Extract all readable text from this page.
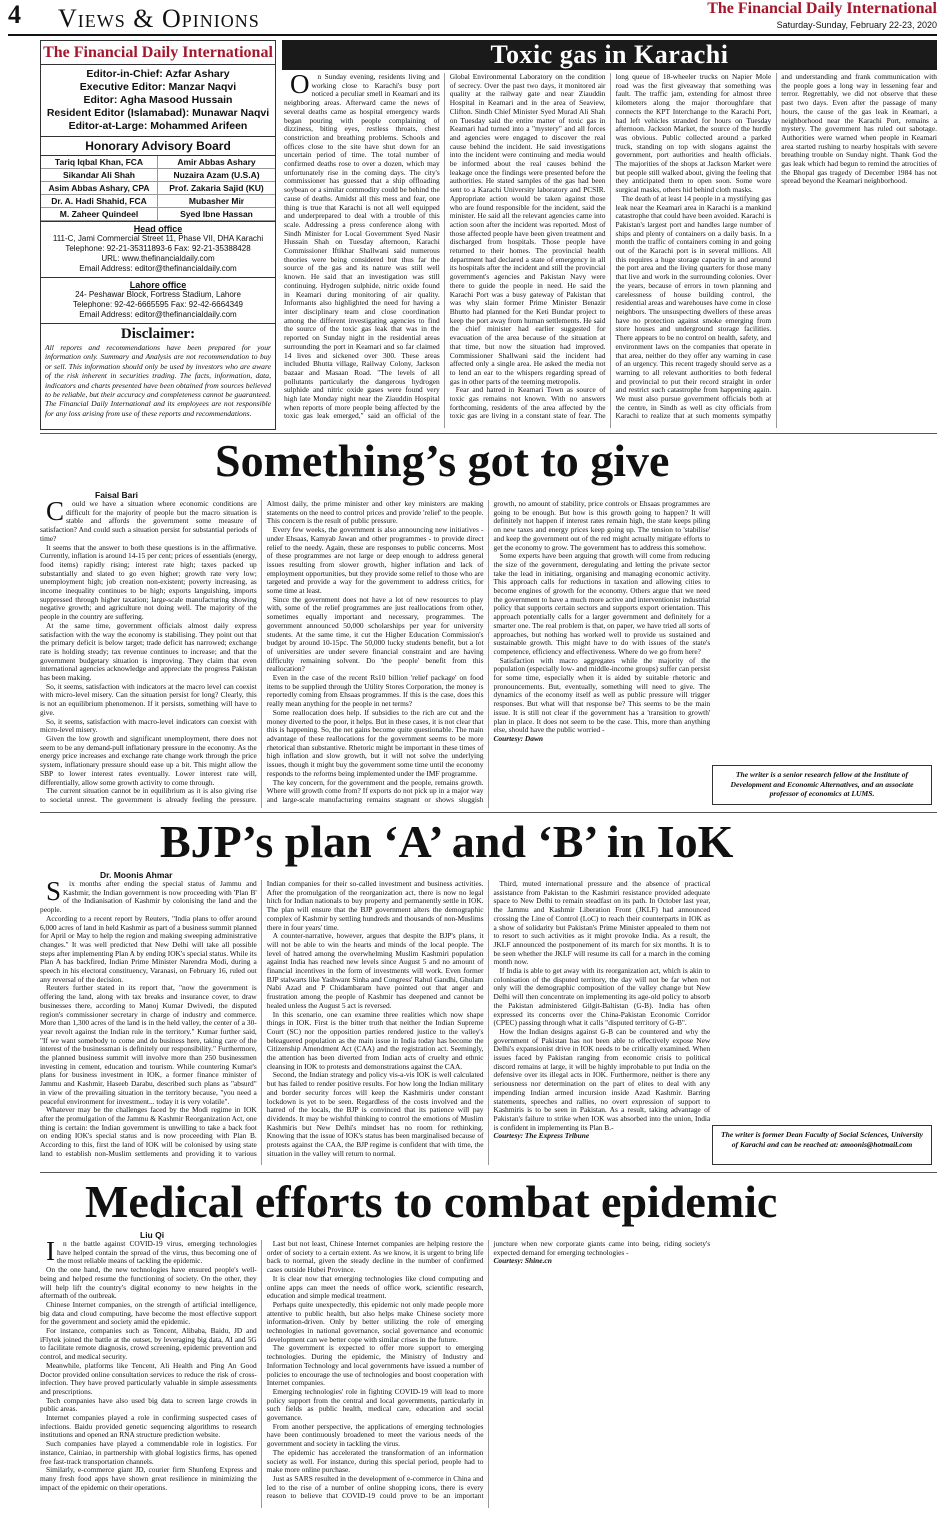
4 Views & Opinions	The Financial Daily International
Saturday-Sunday, February 22-23, 2020
The Financial Daily International
Editor-in-Chief: Azfar Ashary
Executive Editor: Manzar Naqvi
Editor: Agha Masood Hussain
Resident Editor (Islamabad): Munawar Naqvi
Editor-at-Large: Mohammed Arifeen
Honorary Advisory Board
Tariq Iqbal Khan, FCA	Amir Abbas Ashary
Sikandar Ali Shah	Nuzaira Azam (U.S.A)
Asim Abbas Ashary, CPA	Prof. Zakaria Sajid (KU)
Dr. A. Hadi Shahid, FCA	Mubasher Mir
M. Zaheer Quindeel	Syed Ibne Hassan
Head office
111-C, Jami Commercial Street 11, Phase VII, DHA Karachi
Telephone: 92-21-35311893-6 Fax: 92-21-35388428
URL: www.thefinancialdaily.com
Email Address: editor@thefinancialdaily.com
Lahore office
24- Peshawar Block, Fortress Stadium, Lahore
Telephone: 92-42-6665595 Fax: 92-42-6664349
Email Address: editor@thefinancialdaily.com
Disclaimer:
All reports and recommendations have been prepared for your information only. Summary and Analysis are not recommendation to buy or sell. This information should only be used by investors who are aware of the risk inherent in securities trading. The facts, information, data, indicators and charts presented have been obtained from sources believed to be reliable, but their accuracy and completeness cannot be guaranteed. The Financial Daily International and its employees are not responsible for any loss arising from use of these reports and recommendations.
Toxic gas in Karachi

On Sunday evening, residents living and working close to Karachi's busy port noticed a peculiar smell in Keamari and its neighboring areas. Afterward came the news of several deaths came as hospital emergency wards began pouring with people complaining of dizziness, biting eyes, restless throats, chest constriction and breathing problems. Schools and offices close to the site have shut down for an uncertain period of time. The total number of confirmed deaths rose to over a dozen, which may unfortunately rise in the coming days. The city's commissioner has guessed that a ship offloading soybean or a similar commodity could be behind the cause of deaths. Amidst all this mess and fear, one thing is true that Karachi is not all well equipped and underprepared to deal with a trouble of this scale. Addressing a press conference along with Sindh Minister for Local Government Syed Nasir Hussain Shah on Tuesday afternoon, Karachi Commissioner Iftikhar Shallwani said numerous theories were being considered but thus far the source of the gas and its nature was still well known. He said that an investigation was still continuing. Hydrogen sulphide, nitric oxide found in Keamari during monitoring of air quality. Informants also highlighted the need for having a inter disciplinary team and close coordination among the different investigating agencies to find the source of the toxic gas leak that was in the reported on Sunday night in the residential areas surrounding the port in Keamari and so far claimed 14 lives and sickened over 300. These areas included Bhutta village, Railway Colony, Jackson bazaar and Masaan Road. "The levels of all pollutants particularly the dangerous hydrogen sulphide and nitric oxide gases were found very high late Monday night near the Ziauddin Hospital when reports of more people being affected by the toxic gas leak emerged," said an official of the Global Environmental Laboratory on the condition of secrecy. Over the past two days, it monitored air quality at the railway gate and near Ziauddin Hospital in Keamari and in the area of Seaview, Clifton. Sindh Chief Minister Syed Murad Ali Shah on Tuesday said the entire matter of toxic gas in Keamari had turned into a "mystery" and all forces and agencies were engaged to discover the real cause behind the incident. He said investigations into the incident were continuing and media would be informed about the real causes behind the leakage once the findings were presented before the authorities. He stated samples of the gas had been sent to a Karachi University laboratory and PCSIR. Appropriate action would be taken against those who are found responsible for the incident, said the minister. He said all the relevant agencies came into action soon after the incident was reported. Most of those affected people have been given treatment and discharged from hospitals. Those people have returned to their homes. The provincial health department had declared a state of emergency in all its hospitals after the incident and still the provincial government's agencies and Pakistan Navy were there to guide the people in need. He said the Karachi Port was a busy gateway of Pakistan that was why slain former Prime Minister Benazir Bhutto had planned for the Keti Bundar project to keep the port away from human settlements. He said the chief minister had earlier suggested for evacuation of the area because of the situation at that time, but now the situation had improved. Commissioner Shallwani said the incident had affected only a single area. He asked the media not to lend an ear to the whispers regarding spread of gas in other parts of the teeming metropolis.

Fear and hatred in Keamari Town as source of toxic gas remains not known. With no answers forthcoming, residents of the area affected by the toxic gas are living in a constant state of fear. The long queue of 18-wheeler trucks on Napier Mole road was the first giveaway that something was fault. The traffic jam, extending for almost three kilometers along the major thoroughfare that connects the KPT Interchange to the Karachi Port, had left vehicles stranded for hours on Tuesday afternoon. Jackson Market, the source of the hurdle was obvious. Public collected around a parked truck, standing on top with slogans against the government, port authorities and health officials. The majorities of the shops at Jackson Market were but people still walked about, giving the feeling that they anticipated them to open soon. Some wore surgical masks, others hid behind cloth masks.

The death of at least 14 people in a mystifying gas leak near the Keamari area in Karachi is a mankind catastrophe that could have been avoided. Karachi is Pakistan's largest port and handles large number of ships and plenty of containers on a daily basis. In a month the traffic of containers coming in and going out of the Karachi port is in several millions. All this requires a huge storage capacity in and around the port area and the living quarters for those many that live and work in the surrounding colonies. Over the years, because of errors in town planning and carelessness of house building control, the residential areas and warehouses have come in close neighbors. The unsuspecting dwellers of these areas have no protection against smoke emerging from store houses and underground storage facilities. There appears to be no control on health, safety, and environment laws on the companies that operate in that area, neither do they offer any warning in case of an urgency. This recent tragedy should serve as a warning to all relevant authorities to both federal and provincial to put their record straight in order and restrict such catastrophe from happening again. We must also pursue government officials both at the centre, in Sindh as well as city officials from Karachi to realize that at such moments sympathy and understanding and frank communication with the people goes a long way in lessening fear and terror. Regrettably, we did not observe that these past two days. Even after the passage of many hours, the cause of the gas leak in Keamari, a neighborhood near the Karachi Port, remains a mystery. The government has ruled out sabotage. Authorities were warned when people in Keamari area started rushing to nearby hospitals with severe breathing trouble on Sunday night. Thank God the gas leak which had begun to remind the atrocities of the Bhopal gas tragedy of December 1984 has not spread beyond the Keamari neighborhood.

Something’s got to give
Faisal Bari

Could we have a situation where economic conditions are difficult for the majority of people but the macro situation is stable and affords the government some measure of satisfaction? And could such a situation persist for substantial periods of time?

It seems that the answer to both these questions is in the affirmative. Currently, inflation is around 14-15 per cent; prices of essentials (energy, food items) rapidly rising; interest rate high; taxes packed up substantially and slated to go even higher; growth rate very low; unemployment high; job creation non-existent; poverty increasing, as income inequality continues to be high; exports languishing, imports suppressed through higher taxation; large-scale manufacturing showing negative growth; and agriculture not doing well. The majority of the people in the country are suffering.

At the same time, government officials almost daily express satisfaction with the way the economy is stabilising. They point out that the primary deficit is below target; trade deficit has narrowed; exchange rate is holding steady; tax revenue continues to increase; and that the government budgetary situation is improving. They claim that even international agencies acknowledge and appreciate the progress Pakistan has been making.

So, it seems, satisfaction with indicators at the macro level can coexist with micro-level misery. Can the situation persist for long? Clearly, this is not an equilibrium phenomenon. If it persists, something will have to give.

So, it seems, satisfaction with macro-level indicators can coexist with micro-level misery.

Given the low growth and significant unemployment, there does not seem to be any demand-pull inflationary pressure in the economy. As the energy price increases and exchange rate change work through the price system, inflationary pressure should ease up a bit. This might allow the SBP to lower interest rates eventually. Lower interest rate will, differentially, allow some growth activity to come through.

The current situation cannot be in equilibrium as it is also giving rise to societal unrest. The government is already feeling the pressure. Almost daily, the prime minister and other key ministers are making statements on the need to control prices and provide 'relief' to the people. This concern is the result of public pressure.

Every few weeks, the government is also announcing new initiatives - under Ehsaas, Kamyab Jawan and other programmes - to provide direct relief to the needy. Again, these are responses to public concerns. Most of these programmes are not large or deep enough to address general issues resulting from slower growth, higher inflation and lack of employment opportunities, but they provide some relief to those who are targeted and provide a way for the government to address critics, for some time at least.

Since the government does not have a lot of new resources to play with, some of the relief programmes are just reallocations from other, sometimes equally important and necessary, programmes. The government announced 50,000 scholarships per year for university students. At the same time, it cut the Higher Education Commission's budget by around 10-15pc. The 50,000 lucky students benefit, but a lot of universities are under severe financial constraint and are having difficulty remaining solvent. Do 'the people' benefit from this reallocation?

Even in the case of the recent Rs10 billion 'relief package' on food items to be supplied through the Utility Stores Corporation, the money is reportedly coming from Ehsaas programmes. If this is the case, does this really mean anything for the people in net terms?

Some reallocation does help. If subsidies to the rich are cut and the money diverted to the poor, it helps. But in these cases, it is not clear that this is happening. So, the net gains become quite questionable. The main advantage of these reallocations for the government seems to be more rhetorical than substantive. Rhetoric might be important in these times of high inflation and slow growth, but it will not solve the underlying issues, though it might buy the government some time until the economy responds to the reforms being implemented under the IMF programme.

The key concern, for the government and the people, remains growth. Where will growth come from? If exports do not pick up in a major way and large-scale manufacturing remains stagnant or shows sluggish growth, no amount of stability, price controls or Ehsaas programmes are going to be enough. But how is this growth going to happen? It will definitely not happen if interest rates remain high, the state keeps piling on new taxes and energy prices keep going up. The tension to 'stabilise' and keep the government out of the red might actually mitigate efforts to get the economy to grow. The government has to address this somehow.

Some experts have been arguing that growth will come from reducing the size of the government, deregulating and letting the private sector take the lead in initiating, organising and managing economic activity. This approach calls for reductions in taxation and allowing cities to become engines of growth for the economy. Others argue that we need the government to have a much more active and interventionist industrial policy that supports certain sectors and supports export orientation. This approach potentially calls for a larger government and definitely for a smarter one. The real problem is that, on paper, we have tried all sorts of approaches, but nothing has worked well to provide us sustained and sustainable growth. This might have to do with issues of the state's competence, efficiency and effectiveness. Where do we go from here?

Satisfaction with macro aggregates while the majority of the population (especially low- and middle-income groups) suffer can persist for some time, especially when it is aided by suitable rhetoric and pronouncements. But, eventually, something will need to give. The dynamics of the economy itself as well as public pressure will trigger responses. But what will that response be? This seems to be the main issue. It is still not clear if the government has a 'transition to growth' plan in place. It does not seem to be the case. This, more than anything else, should have the public worried -

Courtesy: Dawn

The writer is a senior research fellow at the Institute of Development and Economic Alternatives, and an associate professor of economics at LUMS.
BJP’s plan ‘A’ and ‘B’ in IoK
Dr. Moonis Ahmar

Six months after ending the special status of Jammu and Kashmir, the Indian government is now proceeding with 'Plan B' of the Indianisation of Kashmir by colonising the land and the people.

According to a recent report by Reuters, "India plans to offer around 6,000 acres of land in held Kashmir as part of a business summit planned for April or May to help the region and making sweeping administrative changes." It was well predicted that New Delhi will take all possible steps after implementing Plan A by ending IOK's special status. While its Plan A has backfired, Indian Prime Minister Narendra Modi, during a speech in his electoral constituency, Varanasi, on February 16, ruled out any reversal of the decision.

Reuters further stated in its report that, "now the government is offering the land, along with tax breaks and insurance cover, to draw businesses there, according to Manoj Kumar Dwivedi, the disputed region's commissioner secretary in charge of industry and commerce. More than 1,300 acres of the land is in the held valley, the center of a 30-year revolt against the Indian rule in the territory." Kumar further said, "If we want somebody to come and do business here, taking care of the interest of the businessman is definitely our responsibility." Furthermore, the planned business summit will involve more than 250 businessmen investing in cement, education and tourism. While countering Kumar's plans for business investment in IOK, a former finance minister of Jammu and Kashmir, Haseeb Darabu, described such plans as "absurd" in view of the prevailing situation in the territory because, "you need a peaceful environment for investment... today it is very volatile".

Whatever may be the challenges faced by the Modi regime in IOK after the promulgation of the Jammu & Kashmir Reorganization Act, one thing is certain: the Indian government is unwilling to take a back foot on ending IOK's special status and is now proceeding with Plan B. According to this, first the land of IOK will be colonised by using state land to establish non-Muslim settlements and providing it to various Indian companies for their so-called investment and business activities. After the promulgation of the reorganization act, there is now no legal hitch for Indian nationals to buy property and permanently settle in IOK. The plan will ensure that the BJP government alters the demographic complex of Kashmir by settling hundreds and thousands of non-Muslims there in four years' time.

A counter-narrative, however, argues that despite the BJP's plans, it will not be able to win the hearts and minds of the local people. The level of hatred among the overwhelming Muslim Kashmiri population against India has reached new levels since August 5 and no amount of financial incentives in the form of investments will work. Even former BJP stalwarts like Yashwant Sinha and Congress' Rahul Gandhi, Ghulam Nabi Azad and P Chidambaram have pointed out that anger and frustration among the people of Kashmir has deepened and cannot be healed unless the August 5 act is reversed.

In this scenario, one can examine three realities which now shape things in IOK. First is the bitter truth that neither the Indian Supreme Court (SC) nor the opposition parties rendered justice to the valley's beleaguered population as the main issue in India today has become the Citizenship Amendment Act (CAA) and the registration act. Seemingly, the attention has been diverted from Indian acts of cruelty and ethnic cleansing in IOK to protests and demonstrations against the CAA.

Second, the Indian strategy and policy vis-a-vis IOK is well calculated but has failed to render positive results. For how long the Indian military and border security forces will keep the Kashmiris under constant lockdown is yet to be seen. Regardless of the costs involved and the hatred of the locals, the BJP is convinced that its patience will pay dividends. It may be wishful thinking to control the emotions of Muslim Kashmiris but New Delhi's mindset has no room for rethinking. Knowing that the issue of IOK's status has been marginalised because of protests against the CAA, the BJP regime is confident that with time, the situation in the valley will return to normal.

Third, muted international pressure and the absence of practical assistance from Pakistan to the Kashmiri resistance provided adequate space to New Delhi to remain steadfast on its path. In October last year, the Jammu and Kashmir Liberation Front (JKLF) had announced crossing the Line of Control (LoC) to reach their counterparts in IOK as a show of solidarity but Pakistan's Prime Minister appealed to them not to resort to such activities as it might provoke India. As a result, the JKLF announced the postponement of its march for six months. It is to be seen whether the JKLF will resume its call for a march in the coming month now.

If India is able to get away with its reorganization act, which is akin to colonisation of the disputed territory, the day will not be far when not only will the demographic composition of the valley change but New Delhi will then concentrate on implementing its age-old policy to absorb the Pakistan administered Gilgit-Baltistan (G-B). India has often expressed its concerns over the China-Pakistan Economic Corridor (CPEC) passing through what it calls "disputed territory of G-B".

How the Indian designs against G-B can be countered and why the government of Pakistan has not been able to effectively expose New Delhi's expansionist drive in IOK needs to be critically examined. When issues faced by Pakistan ranging from economic crisis to political discord remains at large, it will be highly improbable to put India on the defensive over its illegal acts in IOK. Furthermore, neither is there any seriousness nor determination on the part of elites to deal with any impending Indian armed incursion inside Azad Kashmir. Barring statements, speeches and rallies, no overt expression of support to Kashmiris is to be seen in Pakistan. As a result, taking advantage of Pakistan's failure to strike when IOK was absorbed into the union, India is confident in implementing its Plan B.-

Courtesy: The Express Tribune	The writer is former Dean Faculty of Social Sciences, University of Karachi and can be reached at: amoonis@hotmail.com
Medical efforts to combat epidemic
Liu Qi

In the battle against COVID-19 virus, emerging technologies have helped contain the spread of the virus, thus becoming one of the most reliable means of tackling the epidemic.

On the one hand, the new technologies have ensured people's well-being and helped resume the functioning of society. On the other, they will help lift the country's digital economy to new heights in the aftermath of the outbreak.

Chinese Internet companies, on the strength of artificial intelligence, big data and cloud computing, have become the most effective support for the government and society amid the epidemic.

For instance, companies such as Tencent, Alibaba, Baidu, JD and iFlytek joined the battle at the outset, by leveraging big data, AI and 5G to facilitate remote diagnosis, crowd screening, epidemic prevention and control, and medical security.

Meanwhile, platforms like Tencent, Ali Health and Ping An Good Doctor provided online consultation services to reduce the risk of cross-infection. They have proved particularly valuable in simple assessments and prescriptions.

Tech companies have also used big data to screen large crowds in public areas.

Internet companies played a role in confirming suspected cases of infections. Baidu provided genetic sequencing algorithms to research institutions and opened an RNA structure prediction website.

Such companies have played a commendable role in logistics. For instance, Cainiao, in partnership with global logistics firms, has opened free fast-track transportation channels.

Similarly, e-commerce giant JD, courier firm Shunfeng Express and many fresh food apps have shown great resilience in minimizing the impact of the epidemic on their operations.

Last but not least, Chinese Internet companies are helping restore the order of society to a certain extent. As we know, it is urgent to bring life back to normal, given the steady decline in the number of confirmed cases outside Hubei Province.

It is clear now that emerging technologies like cloud computing and online apps can meet the needs of office work, scientific research, education and simple medical treatment.

Perhaps quite unexpectedly, this epidemic not only made people more attentive to public health, but also helps make Chinese society more information-driven. Only by better utilizing the role of emerging technologies in national governance, social governance and economic development can we better cope with similar crises in the future.

The government is expected to offer more support to emerging technologies. During the epidemic, the Ministry of Industry and Information Technology and local governments have issued a number of policies to encourage the use of technologies and boost cooperation with Internet companies.

Emerging technologies' role in fighting COVID-19 will lead to more policy support from the central and local governments, particularly in such fields as public health, medical care, education and social governance.

From another perspective, the applications of emerging technologies have been continuously broadened to meet the various needs of the government and society in tackling the virus.

The epidemic has accelerated the transformation of an information society as well. For instance, during this special period, people had to make more online purchase.

Just as SARS resulted in the development of e-commerce in China and led to the rise of a number of online shopping icons, there is every reason to believe that COVID-19 could prove to be an important juncture when new corporate giants came into being, riding society's expected demand for emerging technologies -

Courtesy: Shine.cn
